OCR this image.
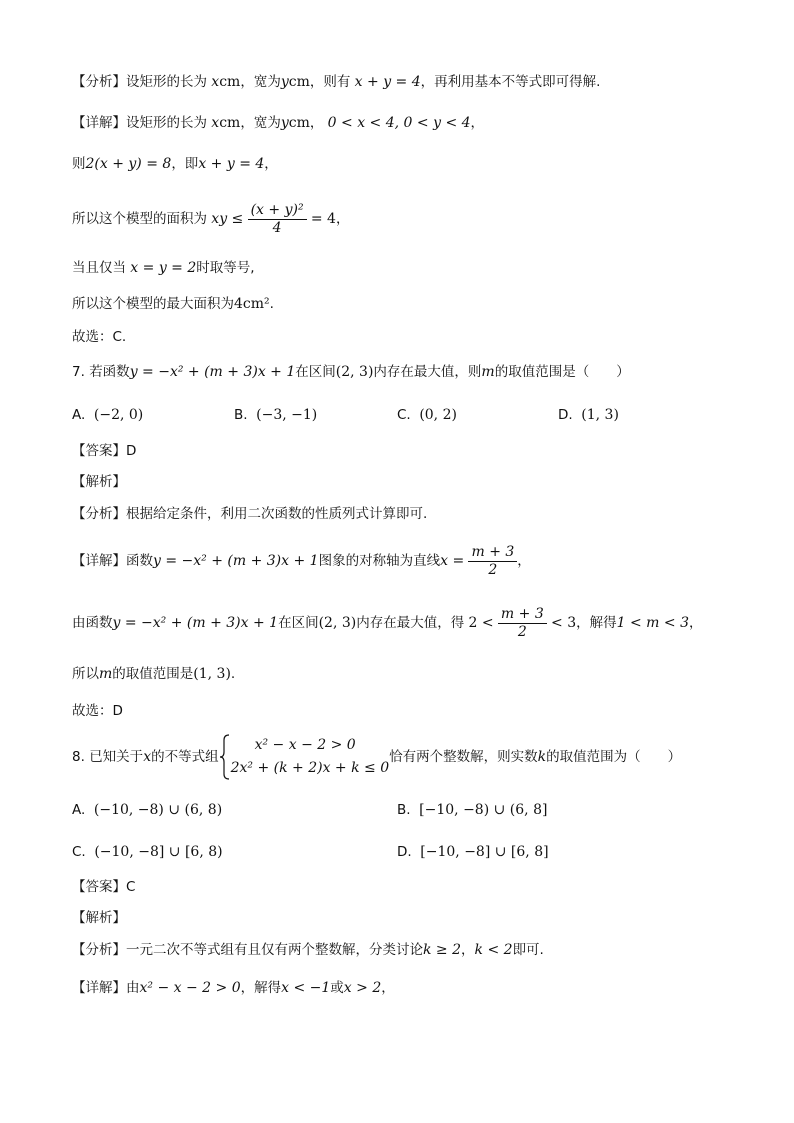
【分析】设矩形的长为 xcm，宽为ycm，则有 x + y = 4，再利用基本不等式即可得解.
【详解】设矩形的长为 xcm，宽为ycm， 0 < x < 4, 0 < y < 4，
则2(x + y) = 8，即x + y = 4，
所以这个模型的面积为 xy ≤ $\frac{\text{(x + y)²}}{4} = 4$，
当且仅当 x = y = 2时取等号,
所以这个模型的最大面积为4cm².
故选：C.
7. 若函数y = −x² + (m + 3)x + 1在区间(2, 3)内存在最大值，则m的取值范围是（　　）
A. (−2, 0)	B. (−3, −1)	C. (0, 2)	D. (1, 3)
【答案】D
【解析】
【分析】根据给定条件，利用二次函数的性质列式计算即可.
【详解】函数y = −x² + (m + 3)x + 1图象的对称轴为直线$x = \frac{m + 3}{2}$ ，
由函数y = −x² + (m + 3)x + 1在区间(2, 3)内存在最大值，得 $2 < \frac{m + 3}{2} < 3$，解得1 < m < 3，
所以m的取值范围是(1, 3).
故选：D
8. 已知关于x的不等式组
x² − x − 2 > 0
2x² + (k + 2)x + k ≤ 0
恰有两个整数解，则实数k的取值范围为（　　）
A. (−10, −8) ∪ (6, 8)	B. [−10, −8) ∪ (6, 8]
C. (−10, −8] ∪ [6, 8)	D. [−10, −8] ∪ [6, 8]
【答案】C
【解析】
【分析】一元二次不等式组有且仅有两个整数解，分类讨论k ≥ 2，k < 2即可.
【详解】由x² − x − 2 > 0，解得x < −1或x > 2，
